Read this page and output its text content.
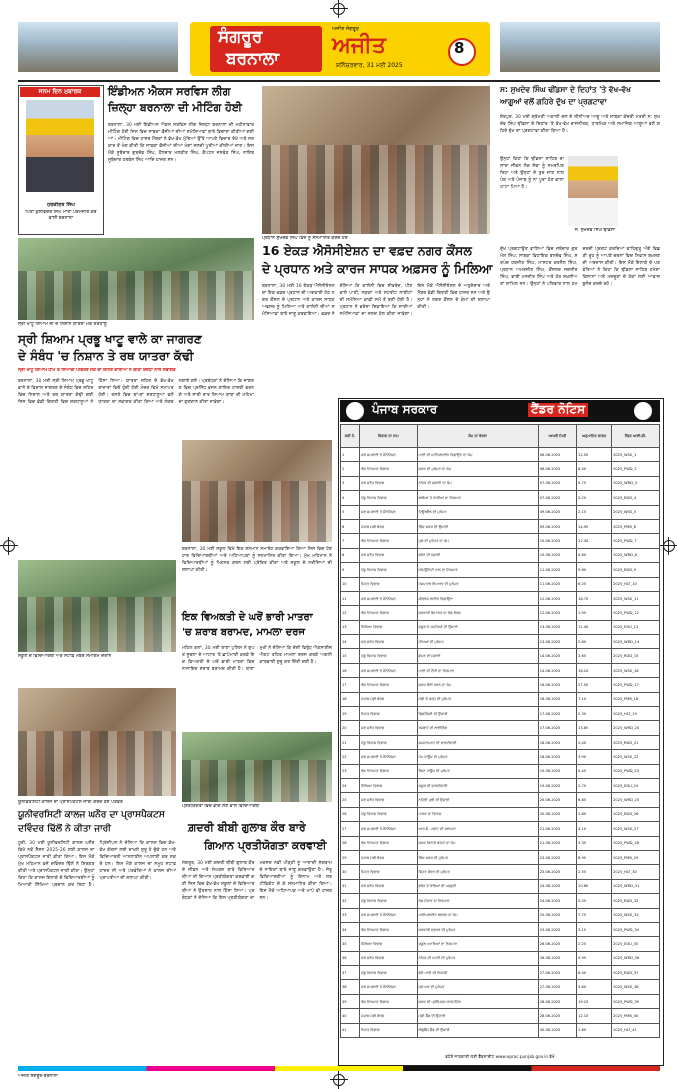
ਸੰਗਰੂਰ
ਬਰਨਾਲਾ
ਅਜੀਤ ਸੰਗਰੂਰ
ਅਜੀਤ
ਸ਼ਨਿੱਚਰਵਾਰ, 31 ਮਈ 2025
8
ਜਨਮ ਦਿਨ ਮੁਬਾਰਕ
ਹਰਕੀਰਤ ਸਿੰਘ
ਪਿਤਾ ਕੁਲਵਿੰਦਰ ਸਿੰਘ ਮਾਤਾ ਪਰਮਜੀਤ ਕੌਰ ਵਾਸੀ ਬਰਨਾਲਾ
ਇੰਡੀਅਨ ਐਕਸ ਸਰਵਿਸ ਲੀਗ
ਜ਼ਿਲ੍ਹਾ ਬਰਨਾਲਾ ਦੀ ਮੀਟਿੰਗ ਹੋਈ
ਬਰਨਾਲਾ, 30 ਮਈ ਇੰਡੀਅਨ ਐਕਸ ਸਰਵਿਸ ਲੀਗ ਜ਼ਿਲ੍ਹਾ ਬਰਨਾਲਾ ਦੀ ਮਹੀਨਾਵਾਰ ਮੀਟਿੰਗ ਹੋਈ ਜਿਸ ਵਿਚ ਸਾਬਕਾ ਫ਼ੌਜੀਆਂ ਦੀਆਂ ਸਮੱਸਿਆਵਾਂ ਬਾਰੇ ਵਿਚਾਰਾਂ ਕੀਤੀਆਂ ਗਈਆਂ। ਮੀਟਿੰਗ ਵਿਚ ਹਾਜ਼ਰ ਮੈਂਬਰਾਂ ਨੇ ਵੱਖ-ਵੱਖ ਮੁੱਦਿਆਂ ਉੱਤੇ ਆਪਣੇ ਵਿਚਾਰ ਰੱਖੇ ਅਤੇ ਸਰਕਾਰ ਤੋਂ ਮੰਗ ਕੀਤੀ ਕਿ ਸਾਬਕਾ ਫ਼ੌਜੀਆਂ ਦੀਆਂ ਮੰਗਾਂ ਜਲਦੀ ਪੂਰੀਆਂ ਕੀਤੀਆਂ ਜਾਣ। ਇਸ ਮੌਕੇ ਸੂਬੇਦਾਰ ਗੁਰਦੇਵ ਸਿੰਘ, ਹੌਲਦਾਰ ਮਲਕੀਤ ਸਿੰਘ, ਕੈਪਟਨ ਜਸਵੰਤ ਸਿੰਘ, ਨਾਇਬ ਸੂਬੇਦਾਰ ਹਰਬੰਸ ਸਿੰਘ ਆਦਿ ਹਾਜ਼ਰ ਸਨ।
ਪ੍ਰਧਾਨ ਸੁਖਦੇਵ ਸਿੰਘ ਵਿਜੇ ਨੂੰ ਸਨਮਾਨਿਤ ਕਰਦੇ ਹੋਏ
16 ਏਕੜ ਐਸੋਸੀਏਸ਼ਨ ਦਾ ਵਫ਼ਦ ਨਗਰ ਕੌਂਸਲ
ਦੇ ਪ੍ਰਧਾਨ ਅਤੇ ਕਾਰਜ ਸਾਧਕ ਅਫ਼ਸਰ ਨੂੰ ਮਿਲਿਆ
ਬਰਨਾਲਾ, 30 ਮਈ 16 ਏਕੜ ਐਸੋਸੀਏਸ਼ਨ ਦਾ ਇਕ ਵਫ਼ਦ ਪ੍ਰਧਾਨ ਦੀ ਅਗਵਾਈ ਹੇਠ ਨਗਰ ਕੌਂਸਲ ਦੇ ਪ੍ਰਧਾਨ ਅਤੇ ਕਾਰਜ ਸਾਧਕ ਅਫ਼ਸਰ ਨੂੰ ਮਿਲਿਆ ਅਤੇ ਕਾਲੋਨੀ ਦੀਆਂ ਸਮੱਸਿਆਵਾਂ ਬਾਰੇ ਜਾਣੂ ਕਰਵਾਇਆ। ਵਫ਼ਦ ਨੇ ਦੱਸਿਆ ਕਿ ਕਾਲੋਨੀ ਵਿਚ ਸੀਵਰੇਜ, ਪੀਣ ਵਾਲੇ ਪਾਣੀ, ਸੜਕਾਂ ਅਤੇ ਸਟਰੀਟ ਲਾਈਟਾਂ ਦੀ ਸਮੱਸਿਆ ਕਾਫ਼ੀ ਸਮੇਂ ਤੋਂ ਬਣੀ ਹੋਈ ਹੈ। ਪ੍ਰਧਾਨ ਨੇ ਭਰੋਸਾ ਦਿਵਾਇਆ ਕਿ ਸਾਰੀਆਂ ਸਮੱਸਿਆਵਾਂ ਦਾ ਜਲਦ ਹੱਲ ਕੀਤਾ ਜਾਵੇਗਾ। ਇਸ ਮੌਕੇ ਐਸੋਸੀਏਸ਼ਨ ਦੇ ਅਹੁਦੇਦਾਰ ਅਤੇ ਮੈਂਬਰ ਵੱਡੀ ਗਿਣਤੀ ਵਿਚ ਹਾਜ਼ਰ ਸਨ ਅਤੇ ਉਨ੍ਹਾਂ ਨੇ ਨਗਰ ਕੌਂਸਲ ਦੇ ਕੰਮਾਂ ਦੀ ਸ਼ਲਾਘਾ ਕੀਤੀ।
ਸ: ਸੁਖਦੇਵ ਸਿੰਘ ਢੀਂਡਸਾ ਦੇ ਦਿਹਾਂਤ 'ਤੇ ਵੱਖ-ਵੱਖ
ਆਗੂਆਂ ਵਲੋਂ ਗਹਿਰੇ ਦੁੱਖ ਦਾ ਪ੍ਰਗਟਾਵਾ
ਸ਼ੇਰਪੁਰ, 30 ਮਈ ਸ਼੍ਰੋਮਣੀ ਅਕਾਲੀ ਦਲ ਦੇ ਸੀਨੀਅਰ ਆਗੂ ਅਤੇ ਸਾਬਕਾ ਕੇਂਦਰੀ ਮੰਤਰੀ ਸ: ਸੁਖਦੇਵ ਸਿੰਘ ਢੀਂਡਸਾ ਦੇ ਦਿਹਾਂਤ 'ਤੇ ਵੱਖ-ਵੱਖ ਰਾਜਨੀਤਕ, ਧਾਰਮਿਕ ਅਤੇ ਸਮਾਜਿਕ ਆਗੂਆਂ ਵਲੋਂ ਗਹਿਰੇ ਦੁੱਖ ਦਾ ਪ੍ਰਗਟਾਵਾ ਕੀਤਾ ਗਿਆ ਹੈ।
ਸ. ਸੁਖਦੇਵ ਸਿੰਘ ਢੀਂਡਸਾ
ਉਨ੍ਹਾਂ ਕਿਹਾ ਕਿ ਢੀਂਡਸਾ ਸਾਹਿਬ ਦਾ ਸਾਰਾ ਜੀਵਨ ਲੋਕ ਸੇਵਾ ਨੂੰ ਸਮਰਪਿਤ ਰਿਹਾ ਅਤੇ ਉਨ੍ਹਾਂ ਦੇ ਤੁਰ ਜਾਣ ਨਾਲ ਪੰਥ ਅਤੇ ਪੰਜਾਬ ਨੂੰ ਨਾ ਪੂਰਾ ਹੋਣ ਵਾਲਾ ਘਾਟਾ ਪਿਆ ਹੈ।
ਦੁੱਖ ਪ੍ਰਗਟਾਉਣ ਵਾਲਿਆਂ ਵਿਚ ਜਥੇਦਾਰ ਗੁਰਮੇਲ ਸਿੰਘ, ਸਾਬਕਾ ਵਿਧਾਇਕ ਬਲਦੇਵ ਸਿੰਘ, ਸਰਪੰਚ ਹਰਜੀਤ ਸਿੰਘ, ਮਾਸਟਰ ਕਰਨੈਲ ਸਿੰਘ, ਪ੍ਰਧਾਨ ਅਮਰਜੀਤ ਸਿੰਘ, ਕੌਂਸਲਰ ਜਗਸੀਰ ਸਿੰਘ, ਭਾਈ ਮਨਜੀਤ ਸਿੰਘ ਅਤੇ ਹੋਰ ਸ਼ਖ਼ਸੀਅਤਾਂ ਸ਼ਾਮਿਲ ਸਨ। ਉਨ੍ਹਾਂ ਨੇ ਪਰਿਵਾਰ ਨਾਲ ਹਮਦਰਦੀ ਪ੍ਰਗਟ ਕਰਦਿਆਂ ਵਾਹਿਗੁਰੂ ਅੱਗੇ ਵਿਛੜੀ ਰੂਹ ਨੂੰ ਆਪਣੇ ਚਰਨਾਂ ਵਿਚ ਨਿਵਾਸ ਬਖ਼ਸ਼ਣ ਦੀ ਅਰਦਾਸ ਕੀਤੀ। ਇਸ ਮੌਕੇ ਇਲਾਕੇ ਦੇ ਪਤਵੰਤਿਆਂ ਨੇ ਕਿਹਾ ਕਿ ਢੀਂਡਸਾ ਸਾਹਿਬ ਹਮੇਸ਼ਾ ਕਿਸਾਨਾਂ ਅਤੇ ਮਜ਼ਦੂਰਾਂ ਦੇ ਹੱਕਾਂ ਲਈ ਆਵਾਜ਼ ਬੁਲੰਦ ਕਰਦੇ ਰਹੇ।
ਸ੍ਰੀ ਖਾਟੂ ਸ਼ਿਆਮ ਜੀ ਦੇ ਨਿਸ਼ਾਨ ਯਾਤਰਾ ਮੌਕੇ ਸ਼ਰਧਾਲੂ
ਸ੍ਰੀ ਸ਼ਿਆਮ ਪ੍ਰਭੂ ਖਾਟੂ ਵਾਲੇ ਕਾ ਜਾਗਰਣ
ਦੇ ਸੰਬੰਧ 'ਚ ਨਿਸ਼ਾਨ ਤੇ ਰਥ ਯਾਤਰਾ ਕੱਢੀ
ਸ੍ਰੀ ਖਾਟੂ ਸ਼ਿਆਮ ਧਾਮ ਤੋਂ ਲਿਆਂਦੀ ਪਵਿੱਤਰ ਜੋਤ ਦਾ ਸ਼ਹਿਰ ਵਾਸੀਆਂ ਨੇ ਕੀਤਾ ਸ਼ਰਧਾ ਨਾਲ ਸਵਾਗਤ
ਬਰਨਾਲਾ, 30 ਮਈ ਸ੍ਰੀ ਸ਼ਿਆਮ ਪ੍ਰਭੂ ਖਾਟੂ ਵਾਲੇ ਦੇ ਵਿਸ਼ਾਲ ਜਾਗਰਣ ਦੇ ਸੰਬੰਧ ਵਿਚ ਸ਼ਹਿਰ ਵਿਚ ਨਿਸ਼ਾਨ ਅਤੇ ਰਥ ਯਾਤਰਾ ਕੱਢੀ ਗਈ ਜਿਸ ਵਿਚ ਵੱਡੀ ਗਿਣਤੀ ਵਿਚ ਸ਼ਰਧਾਲੂਆਂ ਨੇ ਹਿੱਸਾ ਲਿਆ। ਯਾਤਰਾ ਸ਼ਹਿਰ ਦੇ ਵੱਖ-ਵੱਖ ਬਾਜ਼ਾਰਾਂ ਵਿਚੋਂ ਹੁੰਦੀ ਹੋਈ ਮੰਦਰ ਵਿਖੇ ਸਮਾਪਤ ਹੋਈ। ਰਸਤੇ ਵਿਚ ਥਾਂ-ਥਾਂ ਸ਼ਰਧਾਲੂਆਂ ਵਲੋਂ ਯਾਤਰਾ ਦਾ ਸਵਾਗਤ ਕੀਤਾ ਗਿਆ ਅਤੇ ਲੰਗਰ ਲਗਾਏ ਗਏ। ਪ੍ਰਬੰਧਕਾਂ ਨੇ ਦੱਸਿਆ ਕਿ ਜਾਗਰਣ ਵਿਚ ਪ੍ਰਸਿੱਧ ਭਜਨ ਗਾਇਕ ਹਾਜ਼ਰੀ ਭਰਨਗੇ ਅਤੇ ਸਾਰੀ ਰਾਤ ਸ਼ਿਆਮ ਬਾਬਾ ਦੀ ਮਹਿਮਾ ਦਾ ਗੁਣਗਾਨ ਕੀਤਾ ਜਾਵੇਗਾ।
ਬਰਨਾਲਾ, 30 ਮਈ ਸਕੂਲ ਵਿਖੇ ਇਕ ਸਨਮਾਨ ਸਮਾਰੋਹ ਕਰਵਾਇਆ ਗਿਆ ਜਿਸ ਵਿਚ ਹੋਣਹਾਰ ਵਿਦਿਆਰਥੀਆਂ ਅਤੇ ਅਧਿਆਪਕਾਂ ਨੂੰ ਸਨਮਾਨਿਤ ਕੀਤਾ ਗਿਆ। ਮੁੱਖ ਮਹਿਮਾਨ ਨੇ ਵਿਦਿਆਰਥੀਆਂ ਨੂੰ ਮਿਹਨਤ ਕਰਨ ਲਈ ਪ੍ਰੇਰਿਤ ਕੀਤਾ ਅਤੇ ਸਕੂਲ ਦੇ ਨਤੀਜਿਆਂ ਦੀ ਸ਼ਲਾਘਾ ਕੀਤੀ।
ਸਕੂਲ ਦੇ ਵਿਦਿਆਰਥੀ ਅਤੇ ਸਟਾਫ਼ ਮੈਂਬਰ ਸਮਾਗਮ ਦੌਰਾਨ
ਇਕ ਵਿਅਕਤੀ ਦੇ ਘਰੋਂ ਭਾਰੀ ਮਾਤਰਾ
'ਚ ਸ਼ਰਾਬ ਬਰਾਮਦ, ਮਾਮਲਾ ਦਰਜ
ਮਹਿਲ ਕਲਾਂ, 30 ਮਈ ਥਾਣਾ ਪੁਲਿਸ ਨੇ ਗੁਪਤ ਸੂਚਨਾ ਦੇ ਆਧਾਰ 'ਤੇ ਛਾਪੇਮਾਰੀ ਕਰਕੇ ਇਕ ਵਿਅਕਤੀ ਦੇ ਘਰੋਂ ਭਾਰੀ ਮਾਤਰਾ ਵਿਚ ਨਾਜਾਇਜ਼ ਸ਼ਰਾਬ ਬਰਾਮਦ ਕੀਤੀ ਹੈ। ਥਾਣਾ ਮੁਖੀ ਨੇ ਦੱਸਿਆ ਕਿ ਦੋਸ਼ੀ ਵਿਰੁੱਧ ਐਕਸਾਈਜ਼ ਐਕਟ ਤਹਿਤ ਮਾਮਲਾ ਦਰਜ ਕਰਕੇ ਅਗਲੀ ਕਾਰਵਾਈ ਸ਼ੁਰੂ ਕਰ ਦਿੱਤੀ ਗਈ ਹੈ।
ਯੂਨੀਵਰਸਿਟੀ ਕਾਲਜ ਦਾ ਪ੍ਰਾਸਪੈਕਟਸ ਜਾਰੀ ਕਰਦੇ ਹੋਏ ਪਤਵੰਤੇ
ਯੂਨੀਵਰਸਿਟੀ ਕਾਲਜ ਘਨੌਰ ਦਾ ਪ੍ਰਾਸਪੈਕਟਸ
ਦਵਿੰਦਰ ਢਿੱਲੋਂ ਨੇ ਕੀਤਾ ਜਾਰੀ
ਧੂਰੀ, 30 ਮਈ ਯੂਨੀਵਰਸਿਟੀ ਕਾਲਜ ਘਨੌਰ ਵਿਖੇ ਨਵੇਂ ਸੈਸ਼ਨ 2025-26 ਲਈ ਕਾਲਜ ਦਾ ਪ੍ਰਾਸਪੈਕਟਸ ਜਾਰੀ ਕੀਤਾ ਗਿਆ। ਇਸ ਮੌਕੇ ਮੁੱਖ ਮਹਿਮਾਨ ਵਜੋਂ ਦਵਿੰਦਰ ਢਿੱਲੋਂ ਨੇ ਸ਼ਿਰਕਤ ਕੀਤੀ ਅਤੇ ਪ੍ਰਾਸਪੈਕਟਸ ਜਾਰੀ ਕੀਤਾ। ਉਨ੍ਹਾਂ ਕਿਹਾ ਕਿ ਕਾਲਜ ਇਲਾਕੇ ਦੇ ਵਿਦਿਆਰਥੀਆਂ ਨੂੰ ਮਿਆਰੀ ਸਿੱਖਿਆ ਪ੍ਰਦਾਨ ਕਰ ਰਿਹਾ ਹੈ। ਪ੍ਰਿੰਸੀਪਲ ਨੇ ਦੱਸਿਆ ਕਿ ਕਾਲਜ ਵਿਚ ਵੱਖ-ਵੱਖ ਕੋਰਸਾਂ ਲਈ ਦਾਖ਼ਲੇ ਸ਼ੁਰੂ ਹੋ ਚੁੱਕੇ ਹਨ ਅਤੇ ਵਿਦਿਆਰਥੀ ਆਨਲਾਈਨ ਅਪਲਾਈ ਕਰ ਸਕਦੇ ਹਨ। ਇਸ ਮੌਕੇ ਕਾਲਜ ਦਾ ਸਮੂਹ ਸਟਾਫ਼ ਹਾਜ਼ਰ ਸੀ ਅਤੇ ਪਤਵੰਤਿਆਂ ਨੇ ਕਾਲਜ ਦੀਆਂ ਪ੍ਰਾਪਤੀਆਂ ਦੀ ਸ਼ਲਾਘਾ ਕੀਤੀ।
ਪ੍ਰਤੀਯੋਗਤਾ ਵਿਚ ਭਾਗ ਲੈਣ ਵਾਲੇ ਵਿਦਿਆਰਥੀ
ਗ਼ਦਰੀ ਬੀਬੀ ਗੁਲਾਬ ਕੌਰ ਬਾਰੇ
ਗਿਆਨ ਪ੍ਰਤੀਯੋਗਤਾ ਕਰਵਾਈ
ਸੰਗਰੂਰ, 30 ਮਈ ਗ਼ਦਰੀ ਬੀਬੀ ਗੁਲਾਬ ਕੌਰ ਦੇ ਜੀਵਨ ਅਤੇ ਸੰਘਰਸ਼ ਬਾਰੇ ਵਿਦਿਆਰਥੀਆਂ ਦੀ ਗਿਆਨ ਪ੍ਰਤੀਯੋਗਤਾ ਕਰਵਾਈ ਗਈ ਜਿਸ ਵਿਚ ਵੱਖ-ਵੱਖ ਸਕੂਲਾਂ ਦੇ ਵਿਦਿਆਰਥੀਆਂ ਨੇ ਉਤਸ਼ਾਹ ਨਾਲ ਹਿੱਸਾ ਲਿਆ। ਪ੍ਰਬੰਧਕਾਂ ਨੇ ਦੱਸਿਆ ਕਿ ਇਸ ਪ੍ਰਤੀਯੋਗਤਾ ਦਾ ਮਕਸਦ ਨਵੀਂ ਪੀੜ੍ਹੀ ਨੂੰ ਆਜ਼ਾਦੀ ਸੰਗਰਾਮ ਦੇ ਨਾਇਕਾਂ ਬਾਰੇ ਜਾਣੂ ਕਰਵਾਉਣਾ ਹੈ। ਜੇਤੂ ਵਿਦਿਆਰਥੀਆਂ ਨੂੰ ਇਨਾਮ ਅਤੇ ਸਰਟੀਫਿਕੇਟ ਦੇ ਕੇ ਸਨਮਾਨਿਤ ਕੀਤਾ ਗਿਆ। ਇਸ ਮੌਕੇ ਅਧਿਆਪਕ ਅਤੇ ਮਾਪੇ ਵੀ ਹਾਜ਼ਰ ਸਨ।
ਪੰਜਾਬ ਸਰਕਾਰ	ਟੈਂਡਰ ਨੋਟਿਸ
ਲੜੀ ਨੰ.	ਵਿਭਾਗ ਦਾ ਨਾਮ	ਕੰਮ ਦਾ ਵੇਰਵਾ	ਆਖਰੀ ਮਿਤੀ	ਅਨੁਮਾਨਿਤ ਲਾਗਤ	ਟੈਂਡਰ ਆਈ.ਡੀ.
1	ਜਲ ਸਪਲਾਈ ਤੇ ਸੈਨੀਟੇਸ਼ਨ	ਪਾਣੀ ਦੀ ਪਾਈਪਲਾਈਨ ਵਿਛਾਉਣ ਦਾ ਕੰਮ	06.06.2025	12.50	2025_WSS_1
2	ਲੋਕ ਨਿਰਮਾਣ ਵਿਭਾਗ	ਸੜਕ ਦੀ ਮੁਰੰਮਤ ਦਾ ਕੰਮ	06.06.2025	8.40	2025_PWD_2
3	ਜਲ ਸਰੋਤ ਵਿਭਾਗ	ਨਹਿਰ ਦੀ ਸਫ਼ਾਈ ਦਾ ਕੰਮ	07.06.2025	5.75	2025_WRD_3
4	ਪੇਂਡੂ ਵਿਕਾਸ ਵਿਭਾਗ	ਗਲੀਆਂ ਤੇ ਨਾਲੀਆਂ ਦਾ ਨਿਰਮਾਣ	07.06.2025	3.20	2025_RDD_4
5	ਜਲ ਸਪਲਾਈ ਤੇ ਸੈਨੀਟੇਸ਼ਨ	ਟਿਊਬਵੈੱਲ ਦੀ ਮੁਰੰਮਤ	09.06.2025	2.15	2025_WSS_5
6	ਪੰਜਾਬ ਮੰਡੀ ਬੋਰਡ	ਲਿੰਕ ਸੜਕ ਦੀ ਉਸਾਰੀ	09.06.2025	14.90	2025_PMB_6
7	ਲੋਕ ਨਿਰਮਾਣ ਵਿਭਾਗ	ਪੁਲ ਦੀ ਮੁਰੰਮਤ ਦਾ ਕੰਮ	10.06.2025	22.30	2025_PWD_7
8	ਜਲ ਸਰੋਤ ਵਿਭਾਗ	ਡਰੇਨ ਦੀ ਸਫ਼ਾਈ	10.06.2025	4.60	2025_WRD_8
9	ਪੇਂਡੂ ਵਿਕਾਸ ਵਿਭਾਗ	ਕਮਿਊਨਿਟੀ ਹਾਲ ਦਾ ਨਿਰਮਾਣ	11.06.2025	9.80	2025_RDD_9
10	ਸਿਹਤ ਵਿਭਾਗ	ਹਸਪਤਾਲ ਇਮਾਰਤ ਦੀ ਮੁਰੰਮਤ	11.06.2025	6.25	2025_HLT_10
11	ਜਲ ਸਪਲਾਈ ਤੇ ਸੈਨੀਟੇਸ਼ਨ	ਸੀਵਰੇਜ ਲਾਈਨ ਵਿਛਾਉਣਾ	12.06.2025	18.70	2025_WSS_11
12	ਲੋਕ ਨਿਰਮਾਣ ਵਿਭਾਗ	ਸਰਕਾਰੀ ਇਮਾਰਤ ਦਾ ਰੰਗ-ਰੋਗਨ	12.06.2025	1.95	2025_PWD_12
13	ਸਿੱਖਿਆ ਵਿਭਾਗ	ਸਕੂਲ ਦੇ ਕਮਰਿਆਂ ਦੀ ਉਸਾਰੀ	13.06.2025	11.40	2025_EDU_13
14	ਜਲ ਸਰੋਤ ਵਿਭਾਗ	ਮੋਘਿਆਂ ਦੀ ਮੁਰੰਮਤ	13.06.2025	2.80	2025_WRD_14
15	ਪੇਂਡੂ ਵਿਕਾਸ ਵਿਭਾਗ	ਛੱਪੜ ਦੀ ਸਫ਼ਾਈ	14.06.2025	3.65	2025_RDD_15
16	ਜਲ ਸਪਲਾਈ ਤੇ ਸੈਨੀਟੇਸ਼ਨ	ਪਾਣੀ ਦੀ ਟੈਂਕੀ ਦਾ ਨਿਰਮਾਣ	14.06.2025	16.20	2025_WSS_16
17	ਲੋਕ ਨਿਰਮਾਣ ਵਿਭਾਗ	ਸੜਕ ਚੌੜੀ ਕਰਨ ਦਾ ਕੰਮ	16.06.2025	27.50	2025_PWD_17
18	ਪੰਜਾਬ ਮੰਡੀ ਬੋਰਡ	ਮੰਡੀ ਦੇ ਫੜ੍ਹ ਦੀ ਮੁਰੰਮਤ	16.06.2025	7.10	2025_PMB_18
19	ਸਿਹਤ ਵਿਭਾਗ	ਡਿਸਪੈਂਸਰੀ ਦੀ ਉਸਾਰੀ	17.06.2025	5.30	2025_HLT_19
20	ਜਲ ਸਰੋਤ ਵਿਭਾਗ	ਰਜਬਾਹੇ ਦੀ ਲਾਈਨਿੰਗ	17.06.2025	13.85	2025_WRD_20
21	ਪੇਂਡੂ ਵਿਕਾਸ ਵਿਭਾਗ	ਸ਼ਮਸ਼ਾਨਘਾਟ ਦੀ ਚਾਰਦੀਵਾਰੀ	18.06.2025	2.40	2025_RDD_21
22	ਜਲ ਸਪਲਾਈ ਤੇ ਸੈਨੀਟੇਸ਼ਨ	ਪੰਪ ਹਾਊਸ ਦੀ ਮੁਰੰਮਤ	18.06.2025	3.90	2025_WSS_22
23	ਲੋਕ ਨਿਰਮਾਣ ਵਿਭਾਗ	ਰੈਸਟ ਹਾਊਸ ਦੀ ਮੁਰੰਮਤ	19.06.2025	4.45	2025_PWD_23
24	ਸਿੱਖਿਆ ਵਿਭਾਗ	ਸਕੂਲ ਦੀ ਚਾਰਦੀਵਾਰੀ	19.06.2025	2.70	2025_EDU_24
25	ਜਲ ਸਰੋਤ ਵਿਭਾਗ	ਨਹਿਰੀ ਪੁਲੀ ਦੀ ਉਸਾਰੀ	20.06.2025	6.85	2025_WRD_25
26	ਪੇਂਡੂ ਵਿਕਾਸ ਵਿਭਾਗ	ਪਾਰਕ ਦਾ ਵਿਕਾਸ	20.06.2025	1.80	2025_RDD_26
27	ਜਲ ਸਪਲਾਈ ਤੇ ਸੈਨੀਟੇਸ਼ਨ	ਆਰ.ਓ. ਪਲਾਂਟ ਦੀ ਸਥਾਪਨਾ	21.06.2025	4.10	2025_WSS_27
28	ਲੋਕ ਨਿਰਮਾਣ ਵਿਭਾਗ	ਸੜਕ ਕਿਨਾਰੇ ਬਰਮਾਂ ਦਾ ਕੰਮ	21.06.2025	3.35	2025_PWD_28
29	ਪੰਜਾਬ ਮੰਡੀ ਬੋਰਡ	ਲਿੰਕ ਸੜਕ ਦੀ ਮੁਰੰਮਤ	23.06.2025	8.95	2025_PMB_29
30	ਸਿਹਤ ਵਿਭਾਗ	ਸਿਹਤ ਕੇਂਦਰ ਦੀ ਮੁਰੰਮਤ	23.06.2025	2.55	2025_HLT_30
31	ਜਲ ਸਰੋਤ ਵਿਭਾਗ	ਡਰੇਨ ਦੇ ਕੰਢਿਆਂ ਦੀ ਮਜ਼ਬੂਤੀ	24.06.2025	10.60	2025_WRD_31
32	ਪੇਂਡੂ ਵਿਕਾਸ ਵਿਭਾਗ	ਖੇਡ ਮੈਦਾਨ ਦਾ ਨਿਰਮਾਣ	24.06.2025	5.05	2025_RDD_32
33	ਜਲ ਸਪਲਾਈ ਤੇ ਸੈਨੀਟੇਸ਼ਨ	ਪਾਈਪਲਾਈਨ ਬਦਲਣ ਦਾ ਕੰਮ	25.06.2025	7.75	2025_WSS_33
34	ਲੋਕ ਨਿਰਮਾਣ ਵਿਭਾਗ	ਸਰਕਾਰੀ ਦਫ਼ਤਰ ਦੀ ਮੁਰੰਮਤ	25.06.2025	3.15	2025_PWD_34
35	ਸਿੱਖਿਆ ਵਿਭਾਗ	ਸਕੂਲ ਪਖਾਨਿਆਂ ਦਾ ਨਿਰਮਾਣ	26.06.2025	2.25	2025_EDU_35
36	ਜਲ ਸਰੋਤ ਵਿਭਾਗ	ਨਹਿਰ ਦੀ ਪਟੜੀ ਦੀ ਮੁਰੰਮਤ	26.06.2025	4.95	2025_WRD_36
37	ਪੇਂਡੂ ਵਿਕਾਸ ਵਿਭਾਗ	ਗੰਦੇ ਪਾਣੀ ਦੀ ਨਿਕਾਸੀ	27.06.2025	6.40	2025_RDD_37
38	ਜਲ ਸਪਲਾਈ ਤੇ ਸੈਨੀਟੇਸ਼ਨ	ਜਲ ਘਰ ਦੀ ਮੁਰੰਮਤ	27.06.2025	3.80	2025_WSS_38
39	ਲੋਕ ਨਿਰਮਾਣ ਵਿਭਾਗ	ਸੜਕ ਦੀ ਪ੍ਰੀਮਿਕਸ ਕਾਰਪੇਟਿੰਗ	28.06.2025	19.25	2025_PWD_39
40	ਪੰਜਾਬ ਮੰਡੀ ਬੋਰਡ	ਮੰਡੀ ਸ਼ੈੱਡ ਦੀ ਉਸਾਰੀ	28.06.2025	12.10	2025_PMB_40
41	ਸਿਹਤ ਵਿਭਾਗ	ਐਂਬੂਲੈਂਸ ਸ਼ੈੱਡ ਦੀ ਉਸਾਰੀ	30.06.2025	1.60	2025_HLT_41
ਵਧੇਰੇ ਜਾਣਕਾਰੀ ਲਈ ਵੈੱਬਸਾਈਟ www.eproc.punjab.gov.in ਵੇਖੋ
ਅਜੀਤ ਸੰਗਰੂਰ-ਬਰਨਾਲਾ
